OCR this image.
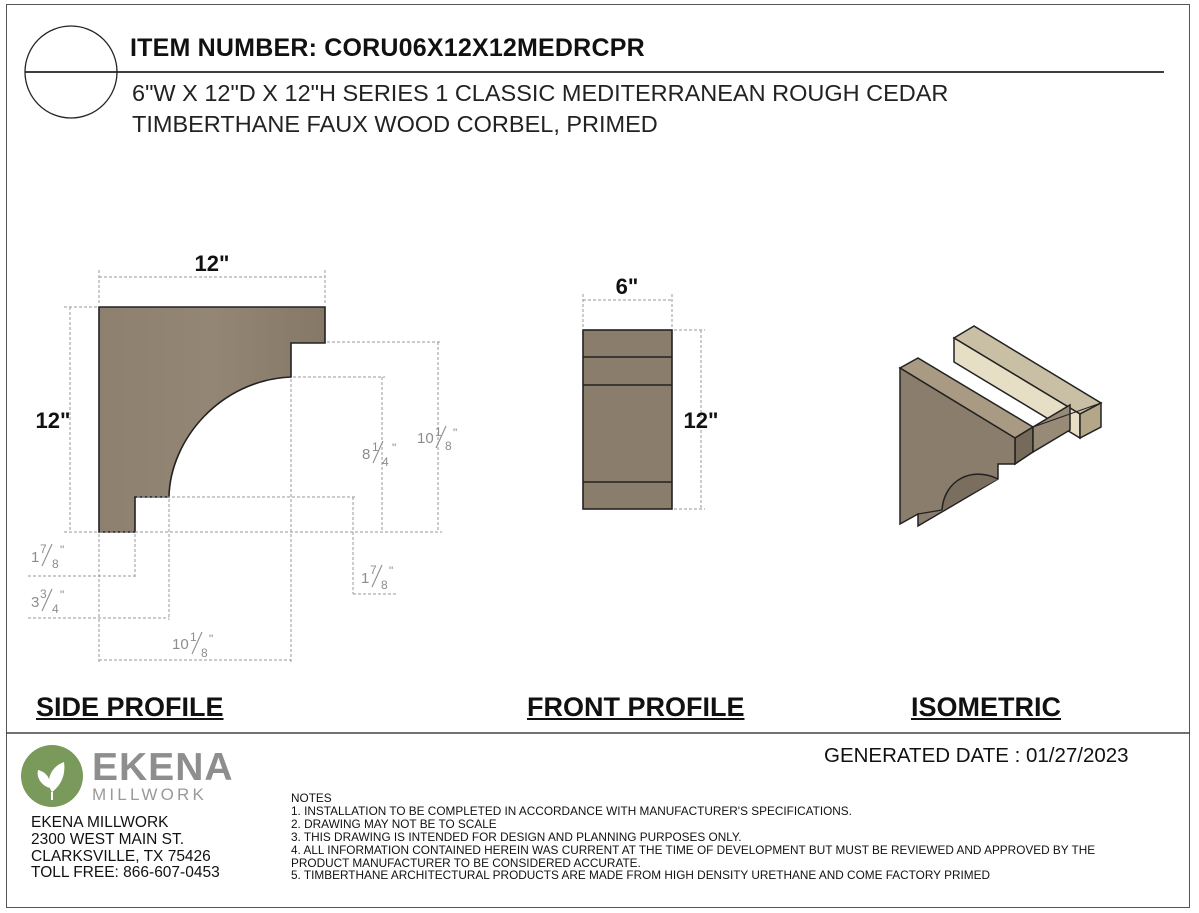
ITEM NUMBER: CORU06X12X12MEDRCPR
6"W X 12"D X 12"H SERIES 1 CLASSIC MEDITERRANEAN ROUGH CEDAR
TIMBERTHANE FAUX WOOD CORBEL, PRIMED
12"
12"
10 1
8
"
8 1
4
"
1 7
8
"
1 7
8
"
3 3
4
"
10 1
8
"
6"
12"
SIDE PROFILE	FRONT PROFILE	ISOMETRIC
EKENA
MILLWORK
EKENA MILLWORK
2300 WEST MAIN ST.
CLARKSVILLE, TX 75426
TOLL FREE: 866-607-0453
GENERATED DATE : 01/27/2023
NOTES
1. INSTALLATION TO BE COMPLETED IN ACCORDANCE WITH MANUFACTURER'S SPECIFICATIONS.
2. DRAWING MAY NOT BE TO SCALE
3. THIS DRAWING IS INTENDED FOR DESIGN AND PLANNING PURPOSES ONLY.
4. ALL INFORMATION CONTAINED HEREIN WAS CURRENT AT THE TIME OF DEVELOPMENT BUT MUST BE REVIEWED AND APPROVED BY THE
PRODUCT MANUFACTURER TO BE CONSIDERED ACCURATE.
5. TIMBERTHANE ARCHITECTURAL PRODUCTS ARE MADE FROM HIGH DENSITY URETHANE AND COME FACTORY PRIMED
